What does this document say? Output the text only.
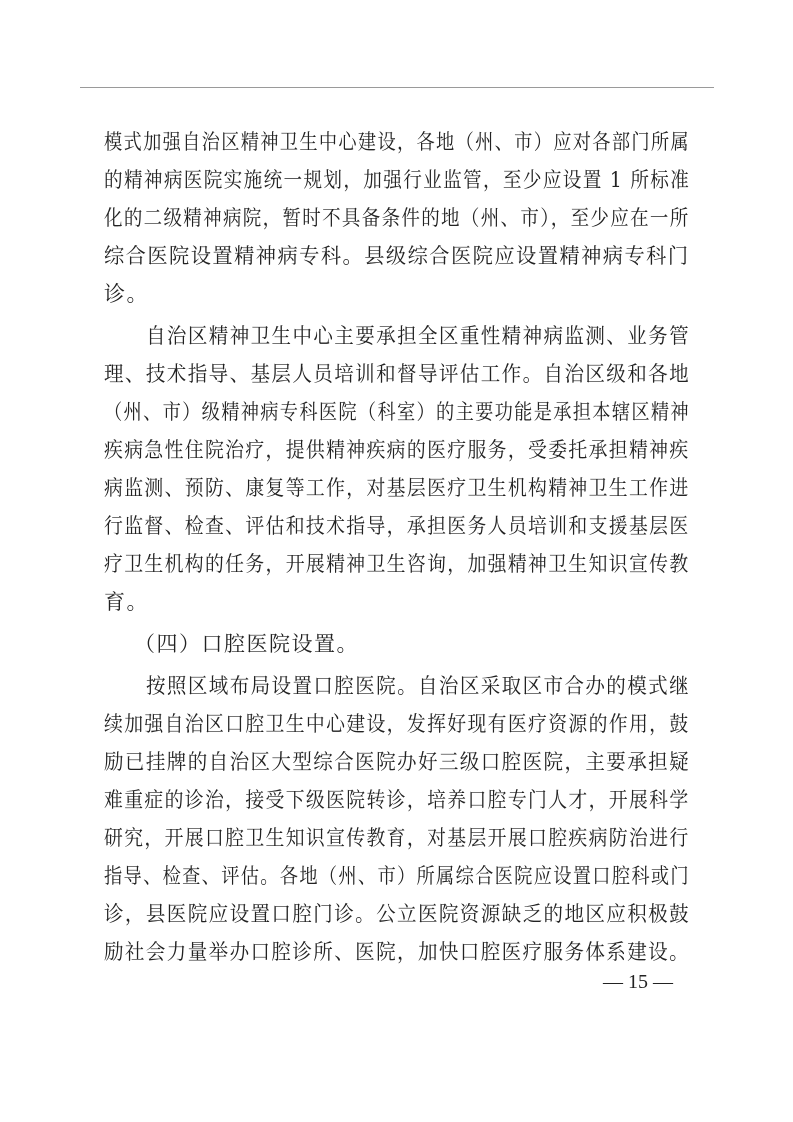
模式加强自治区精神卫生中心建设，各地（州、市）应对各部门所属
的精神病医院实施统一规划，加强行业监管，至少应设置 1 所标准
化的二级精神病院，暂时不具备条件的地（州、市），至少应在一所
综合医院设置精神病专科。县级综合医院应设置精神病专科门
诊。
自治区精神卫生中心主要承担全区重性精神病监测、业务管
理、技术指导、基层人员培训和督导评估工作。自治区级和各地
（州、市）级精神病专科医院（科室）的主要功能是承担本辖区精神
疾病急性住院治疗，提供精神疾病的医疗服务，受委托承担精神疾
病监测、预防、康复等工作，对基层医疗卫生机构精神卫生工作进
行监督、检查、评估和技术指导，承担医务人员培训和支援基层医
疗卫生机构的任务，开展精神卫生咨询，加强精神卫生知识宣传教
育。
（四）口腔医院设置。
按照区域布局设置口腔医院。自治区采取区市合办的模式继
续加强自治区口腔卫生中心建设，发挥好现有医疗资源的作用，鼓
励已挂牌的自治区大型综合医院办好三级口腔医院，主要承担疑
难重症的诊治，接受下级医院转诊，培养口腔专门人才，开展科学
研究，开展口腔卫生知识宣传教育，对基层开展口腔疾病防治进行
指导、检查、评估。各地（州、市）所属综合医院应设置口腔科或门
诊，县医院应设置口腔门诊。公立医院资源缺乏的地区应积极鼓
励社会力量举办口腔诊所、医院，加快口腔医疗服务体系建设。
— 15 —
